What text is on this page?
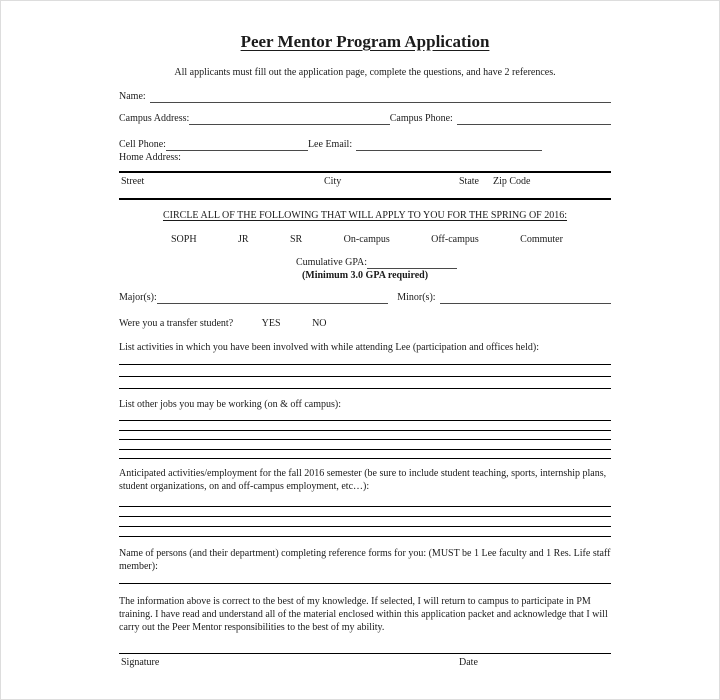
Peer Mentor Program Application
All applicants must fill out the application page, complete the questions, and have 2 references.
Name:
Campus Address:	Campus Phone:
Cell Phone:	Lee Email:
Home Address:
Street	City	State Zip Code
CIRCLE ALL OF THE FOLLOWING THAT WILL APPLY TO YOU FOR THE SPRING OF 2016:
SOPH	JR	SR	On-campus	Off-campus	Commuter
Cumulative GPA:
(Minimum 3.0 GPA required)
Major(s):	Minor(s):
Were you a transfer student?	YES	NO
List activities in which you have been involved with while attending Lee (participation and offices held):
List other jobs you may be working (on & off campus):
Anticipated activities/employment for the fall 2016 semester (be sure to include student teaching, sports, internship plans, student organizations, on and off-campus employment, etc…):
Name of persons (and their department) completing reference forms for you: (MUST be 1 Lee faculty and 1 Res. Life staff member):
The information above is correct to the best of my knowledge. If selected, I will return to campus to participate in PM training. I have read and understand all of the material enclosed within this application packet and acknowledge that I will carry out the Peer Mentor responsibilities to the best of my ability.
Signature	Date
